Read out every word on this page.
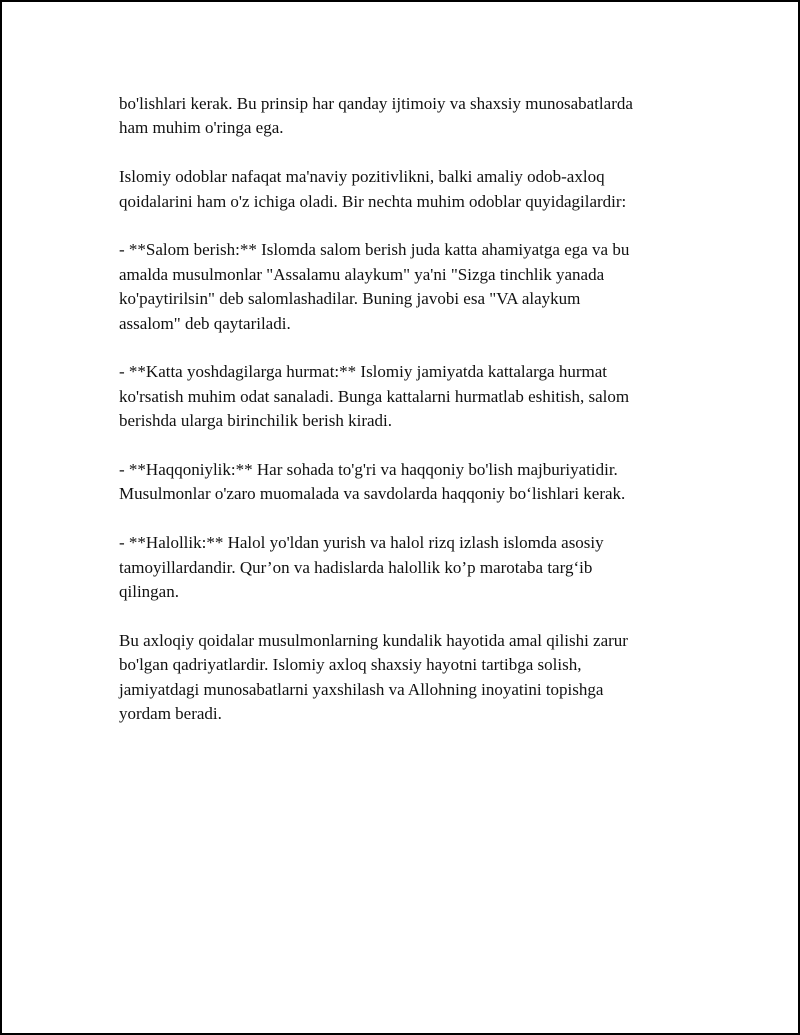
bo'lishlari kerak. Bu prinsip har qanday ijtimoiy va shaxsiy munosabatlarda
ham muhim o'ringa ega.

Islomiy odoblar nafaqat ma'naviy pozitivlikni, balki amaliy odob-axloq
qoidalarini ham o'z ichiga oladi. Bir nechta muhim odoblar quyidagilardir:

- **Salom berish:** Islomda salom berish juda katta ahamiyatga ega va bu
amalda musulmonlar "Assalamu alaykum" ya'ni "Sizga tinchlik yanada
ko'paytirilsin" deb salomlashadilar. Buning javobi esa "VA alaykum
assalom" deb qaytariladi.

- **Katta yoshdagilarga hurmat:** Islomiy jamiyatda kattalarga hurmat
ko'rsatish muhim odat sanaladi. Bunga kattalarni hurmatlab eshitish, salom
berishda ularga birinchilik berish kiradi.

- **Haqqoniylik:** Har sohada to'g'ri va haqqoniy bo'lish majburiyatidir.
Musulmonlar o'zaro muomalada va savdolarda haqqoniy bo‘lishlari kerak.

- **Halollik:** Halol yo'ldan yurish va halol rizq izlash islomda asosiy
tamoyillardandir. Qur’on va hadislarda halollik ko’p marotaba targ‘ib
qilingan.

Bu axloqiy qoidalar musulmonlarning kundalik hayotida amal qilishi zarur
bo'lgan qadriyatlardir. Islomiy axloq shaxsiy hayotni tartibga solish,
jamiyatdagi munosabatlarni yaxshilash va Allohning inoyatini topishga
yordam beradi.
